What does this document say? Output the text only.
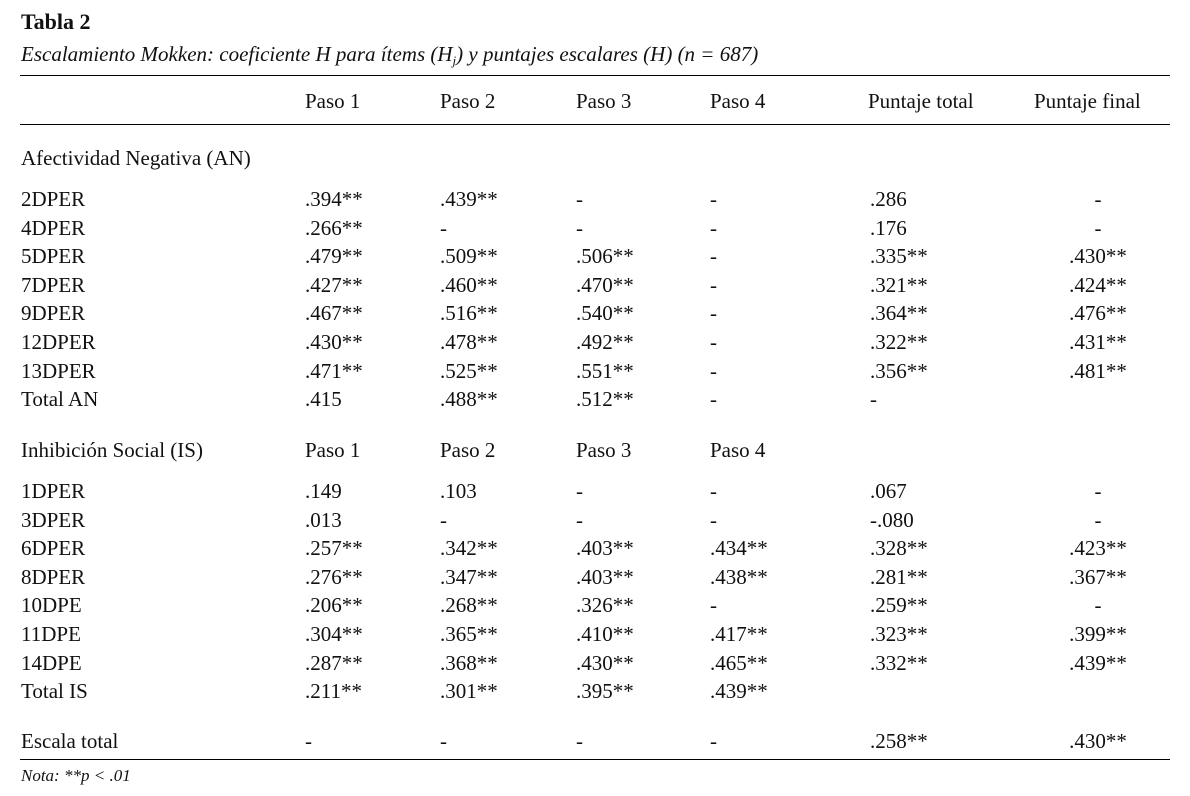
Tabla 2
Escalamiento Mokken: coeficiente H para ítems $(H_j)$ y puntajes escalares (H) (n = 687)
Paso 1	Paso 2	Paso 3	Paso 4	Puntaje total	Puntaje final
Afectividad Negativa (AN)
2DPER	.394**	.439**	-	-	.286	-
4DPER	.266**	-	-	-	.176	-
5DPER	.479**	.509**	.506**	-	.335**	.430**
7DPER	.427**	.460**	.470**	-	.321**	.424**
9DPER	.467**	.516**	.540**	-	.364**	.476**
12DPER	.430**	.478**	.492**	-	.322**	.431**
13DPER	.471**	.525**	.551**	-	.356**	.481**
Total AN	.415	.488**	.512**	-	-
Inhibición Social (IS)	Paso 1	Paso 2	Paso 3	Paso 4
1DPER	.149	.103	-	-	.067	-
3DPER	.013	-	-	-	-.080	-
6DPER	.257**	.342**	.403**	.434**	.328**	.423**
8DPER	.276**	.347**	.403**	.438**	.281**	.367**
10DPE	.206**	.268**	.326**	-	.259**	-
11DPE	.304**	.365**	.410**	.417**	.323**	.399**
14DPE	.287**	.368**	.430**	.465**	.332**	.439**
Total IS	.211**	.301**	.395**	.439**
Escala total	-	-	-	-	.258**	.430**
Nota: **p < .01
